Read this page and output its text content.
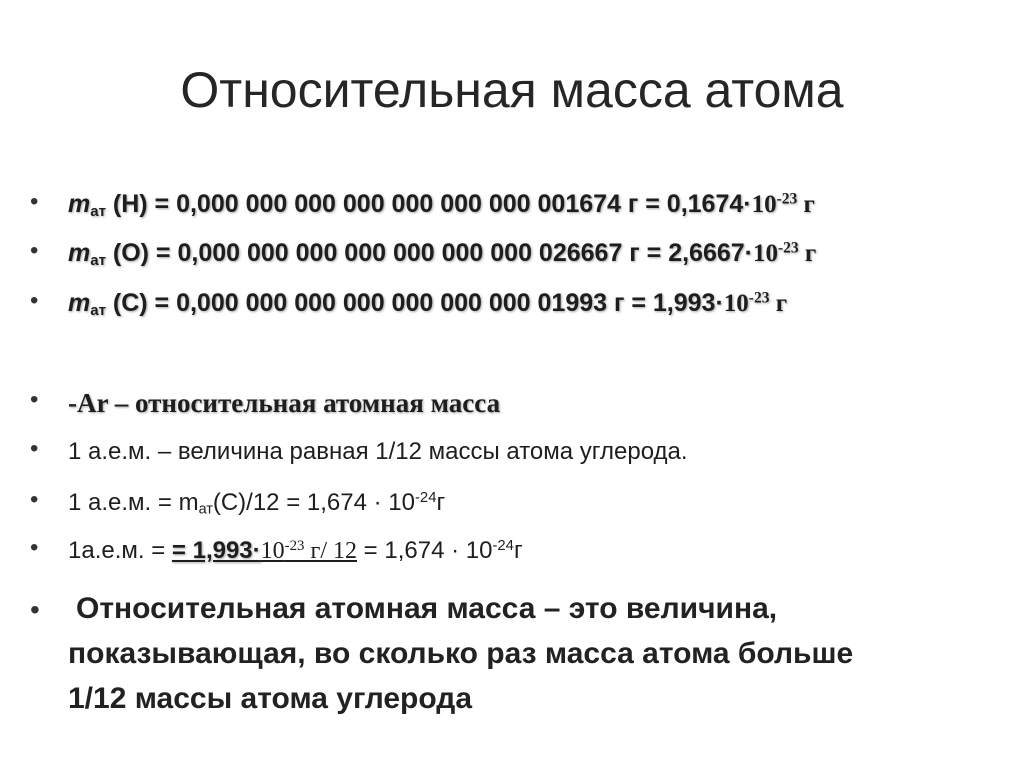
Относительная масса атома
• $m_{ат}$ (Н) = 0,000 000 000 000 000 000 000 001674 $г = 0,1674\cdot 10^{-23}$ г
• $m_{ат}$ (О) = 0,000 000 000 000 000 000 000 026667 $г = 2,6667\cdot 10^{-23}$ г
• $m_{ат}$ (С) = 0,000 000 000 000 000 000 000 01993 $г = 1,993\cdot 10^{-23}$ г
• -Ar – относительная атомная масса
• 1 а.е.м. – величина равная 1/12 массы атома углерода.
• 1 а.е.м. = $m_{ат}(С)/12 = 1,674 \cdot 10^{-24}г$
• 1а.е.м. = = $1,993\cdot 10^{-23}$ г/ $12 = 1,674 \cdot 10^{-24}г$
• Относительная атомная масса – это величина,
показывающая, во сколько раз масса атома больше
1/12 массы атома углерода
